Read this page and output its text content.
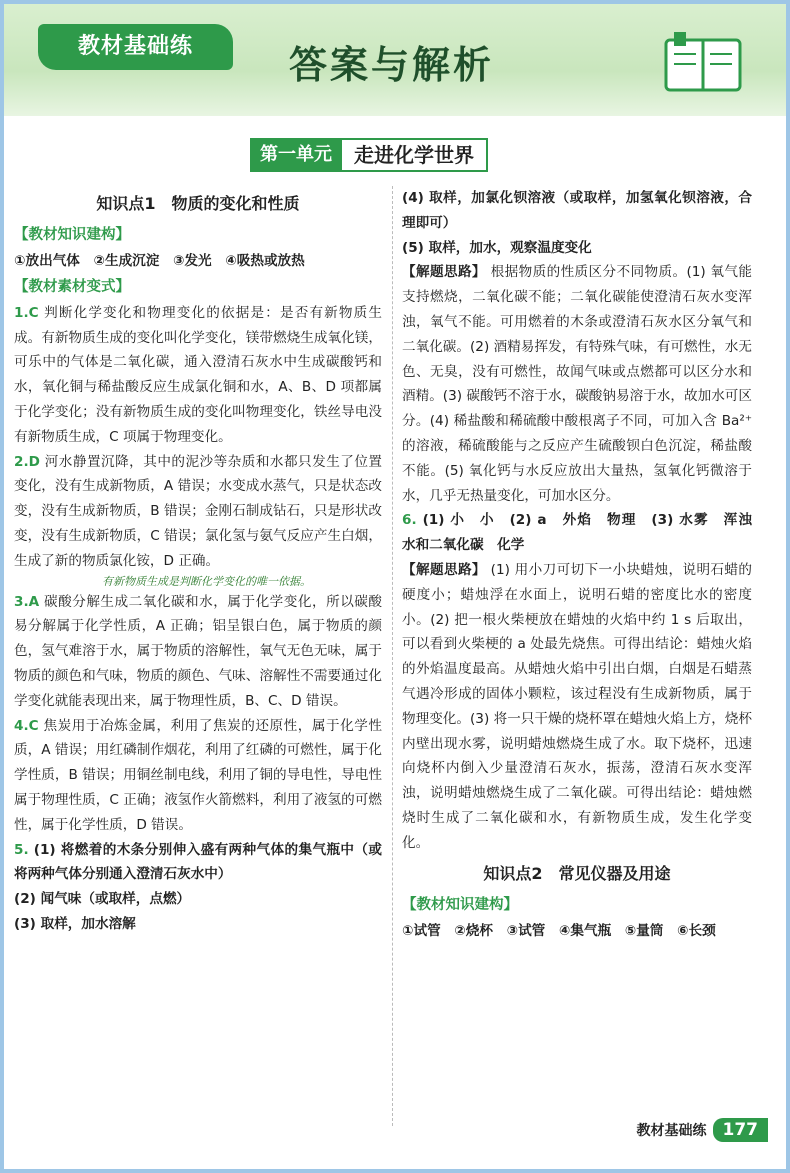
教材基础练	答案与解析
第一单元	走进化学世界
知识点1　物质的变化和性质
【教材知识建构】
①放出气体　②生成沉淀　③发光　④吸热或放热
【教材素材变式】
1.C 判断化学变化和物理变化的依据是：是否有新物质生成。有新物质生成的变化叫化学变化，镁带燃烧生成氧化镁，可乐中的气体是二氧化碳，通入澄清石灰水中生成碳酸钙和水，氧化铜与稀盐酸反应生成氯化铜和水，A、B、D 项都属于化学变化；没有新物质生成的变化叫物理变化，铁丝导电没有新物质生成，C 项属于物理变化。
2.D 河水静置沉降，其中的泥沙等杂质和水都只发生了位置变化，没有生成新物质，A 错误；水变成水蒸气，只是状态改变，没有生成新物质，B 错误；金刚石制成钻石，只是形状改变，没有生成新物质，C 错误；氯化氢与氨气反应产生白烟，生成了新的物质氯化铵，D 正确。
有新物质生成是判断化学变化的唯一依据。
3.A 碳酸分解生成二氧化碳和水，属于化学变化，所以碳酸易分解属于化学性质，A 正确；铝呈银白色，属于物质的颜色，氢气难溶于水，属于物质的溶解性，氧气无色无味，属于物质的颜色和气味，物质的颜色、气味、溶解性不需要通过化学变化就能表现出来，属于物理性质，B、C、D 错误。
4.C 焦炭用于冶炼金属，利用了焦炭的还原性，属于化学性质，A 错误；用红磷制作烟花，利用了红磷的可燃性，属于化学性质，B 错误；用铜丝制电线，利用了铜的导电性，导电性属于物理性质，C 正确；液氢作火箭燃料，利用了液氢的可燃性，属于化学性质，D 错误。
5. (1) 将燃着的木条分别伸入盛有两种气体的集气瓶中（或将两种气体分别通入澄清石灰水中）
(2) 闻气味（或取样，点燃）
(3) 取样，加水溶解
(4) 取样，加氯化钡溶液（或取样，加氢氧化钡溶液，合理即可）
(5) 取样，加水，观察温度变化
【解题思路】 根据物质的性质区分不同物质。(1) 氧气能支持燃烧，二氧化碳不能；二氧化碳能使澄清石灰水变浑浊，氧气不能。可用燃着的木条或澄清石灰水区分氧气和二氧化碳。(2) 酒精易挥发，有特殊气味，有可燃性，水无色、无臭，没有可燃性，故闻气味或点燃都可以区分水和酒精。(3) 碳酸钙不溶于水，碳酸钠易溶于水，故加水可区分。(4) 稀盐酸和稀硫酸中酸根离子不同，可加入含 Ba²⁺ 的溶液，稀硫酸能与之反应产生硫酸钡白色沉淀，稀盐酸不能。(5) 氧化钙与水反应放出大量热，氢氧化钙微溶于水，几乎无热量变化，可加水区分。
6. (1) 小　小　(2) a　外焰　物理　(3) 水雾　浑浊　水和二氧化碳　化学
【解题思路】 (1) 用小刀可切下一小块蜡烛，说明石蜡的硬度小；蜡烛浮在水面上，说明石蜡的密度比水的密度小。(2) 把一根火柴梗放在蜡烛的火焰中约 1 s 后取出，可以看到火柴梗的 a 处最先烧焦。可得出结论：蜡烛火焰的外焰温度最高。从蜡烛火焰中引出白烟，白烟是石蜡蒸气遇冷形成的固体小颗粒，该过程没有生成新物质，属于物理变化。(3) 将一只干燥的烧杯罩在蜡烛火焰上方，烧杯内壁出现水雾，说明蜡烛燃烧生成了水。取下烧杯，迅速向烧杯内倒入少量澄清石灰水，振荡，澄清石灰水变浑浊，说明蜡烛燃烧生成了二氧化碳。可得出结论：蜡烛燃烧时生成了二氧化碳和水，有新物质生成，发生化学变化。
知识点2　常见仪器及用途
【教材知识建构】
①试管　②烧杯　③试管　④集气瓶　⑤量筒　⑥长颈
教材基础练 177
